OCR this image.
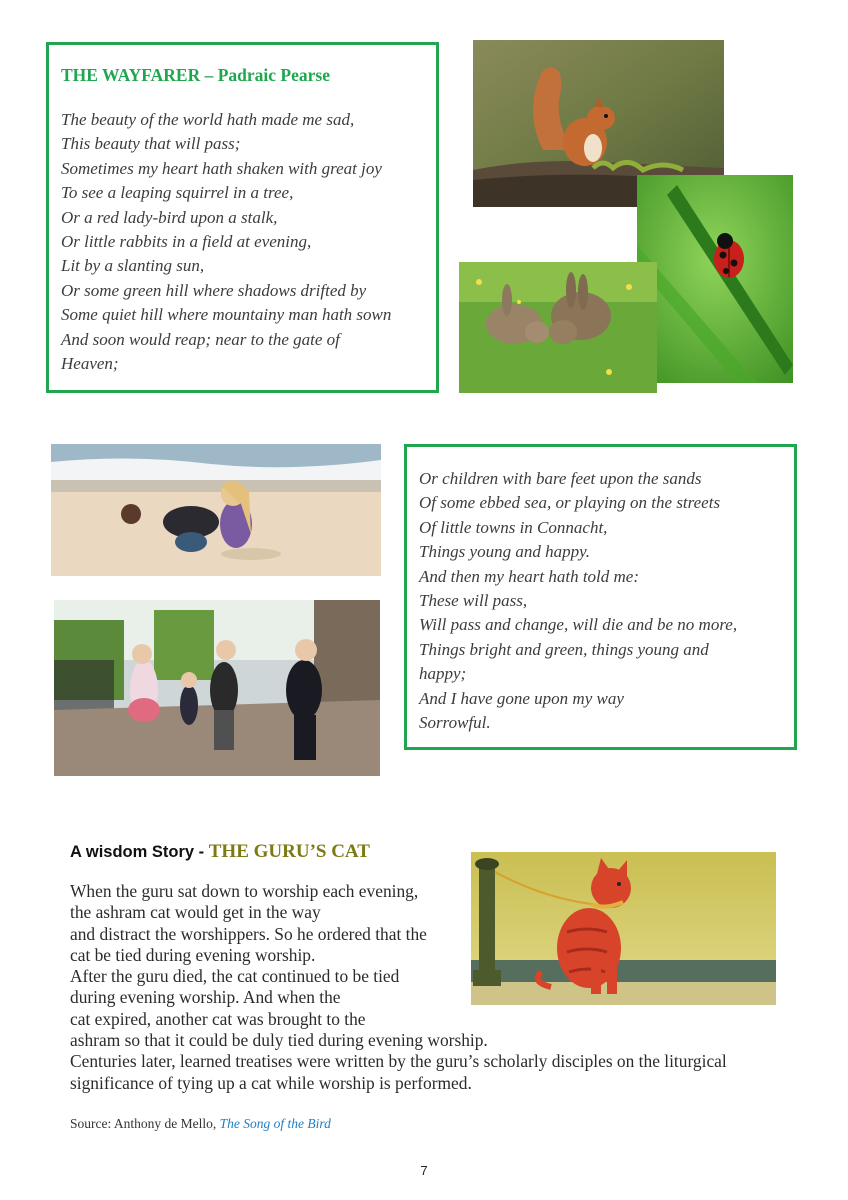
THE WAYFARER – Padraic Pearse
The beauty of the world hath made me sad,
This beauty that will pass;
Sometimes my heart hath shaken with great joy
To see a leaping squirrel in a tree,
Or a red lady-bird upon a stalk,
Or little rabbits in a field at evening,
Lit by a slanting sun,
Or some green hill where shadows drifted by
Some quiet hill where mountainy man hath sown
And soon would reap; near to the gate of
Heaven;
Or children with bare feet upon the sands
Of some ebbed sea, or playing on the streets
Of little towns in Connacht,
Things young and happy.
And then my heart hath told me:
These will pass,
Will pass and change, will die and be no more,
Things bright and green, things young and
happy;
And I have gone upon my way
Sorrowful.
A wisdom Story - THE GURU’S CAT
When the guru sat down to worship each evening,
the ashram cat would get in the way
and distract the worshippers. So he ordered that the
cat be tied during evening worship.
After the guru died, the cat continued to be tied
during evening worship. And when the
cat expired, another cat was brought to the
ashram so that it could be duly tied during evening worship.
Centuries later, learned treatises were written by the guru’s scholarly disciples on the liturgical
significance of tying up a cat while worship is performed.
Source: Anthony de Mello, The Song of the Bird
7
